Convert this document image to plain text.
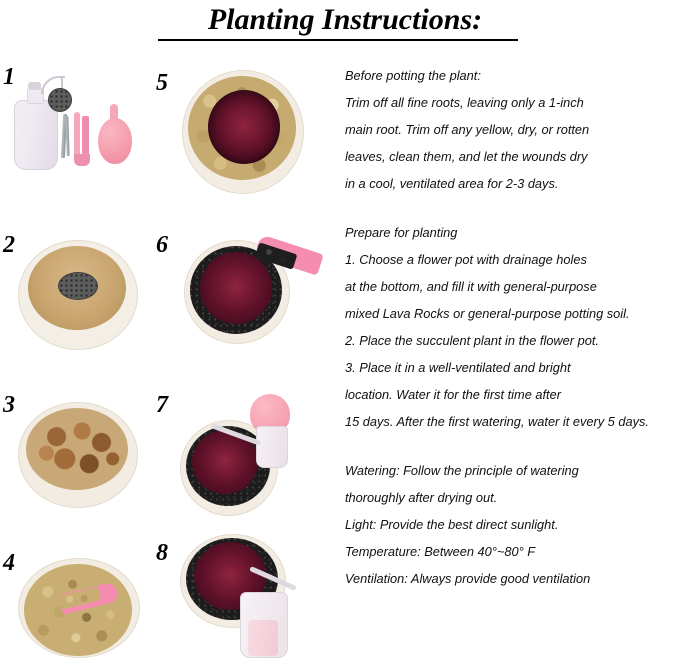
Planting Instructions:
1
2
3
4
5
6
7
8

Before potting the plant:

Trim off all fine roots, leaving only a 1-inch

main root. Trim off any yellow, dry, or rotten

leaves, clean them, and let the wounds dry

in a cool, ventilated area for 2-3 days.

Prepare for planting

1. Choose a flower pot with drainage holes

at the bottom, and fill it with general-purpose

mixed Lava Rocks or general-purpose potting soil.

2. Place the succulent plant in the flower pot.

3. Place it in a well-ventilated and bright

location. Water it for the first time after

15 days. After the first watering, water it every 5 days.

Watering: Follow the principle of watering

thoroughly after drying out.

Light: Provide the best direct sunlight.

Temperature: Between 40°~80° F

Ventilation: Always provide good ventilation
